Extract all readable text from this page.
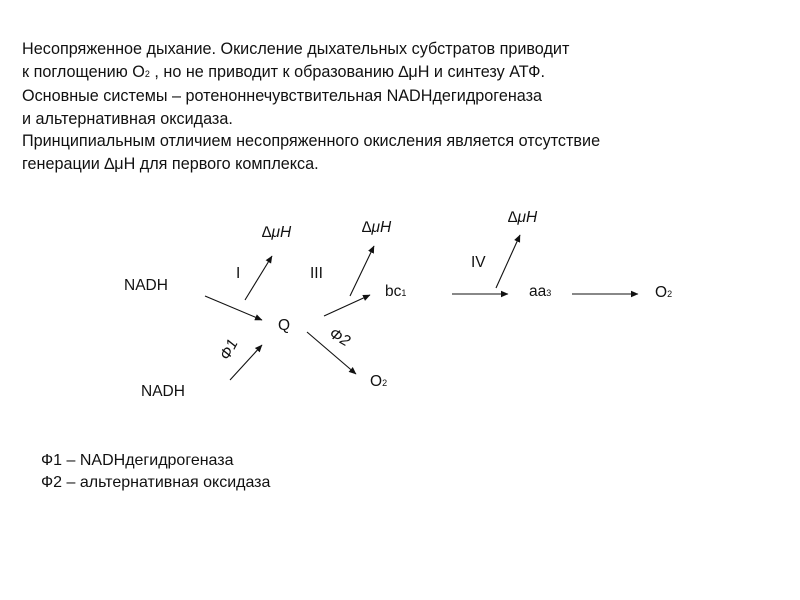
Несопряженное дыхание. Окисление дыхательных субстратов приводит
к поглощению О2 , но не приводит к образованию ∆μН и синтезу АТФ.
Основные системы – ротеноннечувствительная NADHдегидрогеназа
и альтернативная оксидаза.
Принципиальным отличием несопряженного окисления является отсутствие
генерации ∆μН для первого комплекса.
NADH
NADH
Q
bc1	aa3	O2
O2
∆μH	∆μH
∆μH
I	III
IV
Ф1	Ф2
Ф1 – NADHдегидрогеназа
Ф2 – альтернативная оксидаза
